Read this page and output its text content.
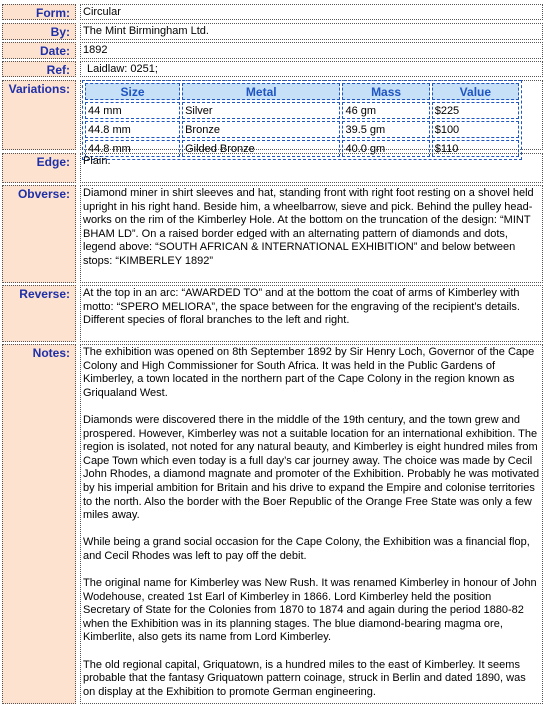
Form:	Circular
By:	The Mint Birmingham Ltd.
Date:	1892
Ref:	Laidlaw: 0251;
Variations:	Size	Metal	Mass	Value
44 mm	Silver	46 gm	$225
44.8 mm	Bronze	39.5 gm	$100
44.8 mm	Gilded Bronze	40.0 gm	$110
Edge:	Plain.
Obverse:	Diamond miner in shirt sleeves and hat, standing front with right foot resting on a shovel held upright in his right hand. Beside him, a wheelbarrow, sieve and pick. Behind the pulley head-works on the rim of the Kimberley Hole. At the bottom on the truncation of the design: “MINT BHAM LD”. On a raised border edged with an alternating pattern of diamonds and dots, legend above: “SOUTH AFRICAN & INTERNATIONAL EXHIBITION” and below between stops: “KIMBERLEY 1892”
Reverse:	At the top in an arc: “AWARDED TO” and at the bottom the coat of arms of Kimberley with motto: “SPERO MELIORA”, the space between for the engraving of the recipient’s details. Different species of floral branches to the left and right.
Notes:	The exhibition was opened on 8th September 1892 by Sir Henry Loch, Governor of the Cape Colony and High Commissioner for South Africa. It was held in the Public Gardens of Kimberley, a town located in the northern part of the Cape Colony in the region known as Griqualand West.

Diamonds were discovered there in the middle of the 19th century, and the town grew and prospered. However, Kimberley was not a suitable location for an international exhibition. The region is isolated, not noted for any natural beauty, and Kimberley is eight hundred miles from Cape Town which even today is a full day’s car journey away. The choice was made by Cecil John Rhodes, a diamond magnate and promoter of the Exhibition. Probably he was motivated by his imperial ambition for Britain and his drive to expand the Empire and colonise territories to the north. Also the border with the Boer Republic of the Orange Free State was only a few miles away.

While being a grand social occasion for the Cape Colony, the Exhibition was a financial flop, and Cecil Rhodes was left to pay off the debit.

The original name for Kimberley was New Rush. It was renamed Kimberley in honour of John Wodehouse, created 1st Earl of Kimberley in 1866. Lord Kimberley held the position Secretary of State for the Colonies from 1870 to 1874 and again during the period 1880-82 when the Exhibition was in its planning stages. The blue diamond-bearing magma ore, Kimberlite, also gets its name from Lord Kimberley.

The old regional capital, Griquatown, is a hundred miles to the east of Kimberley. It seems probable that the fantasy Griquatown pattern coinage, struck in Berlin and dated 1890, was on display at the Exhibition to promote German engineering.
